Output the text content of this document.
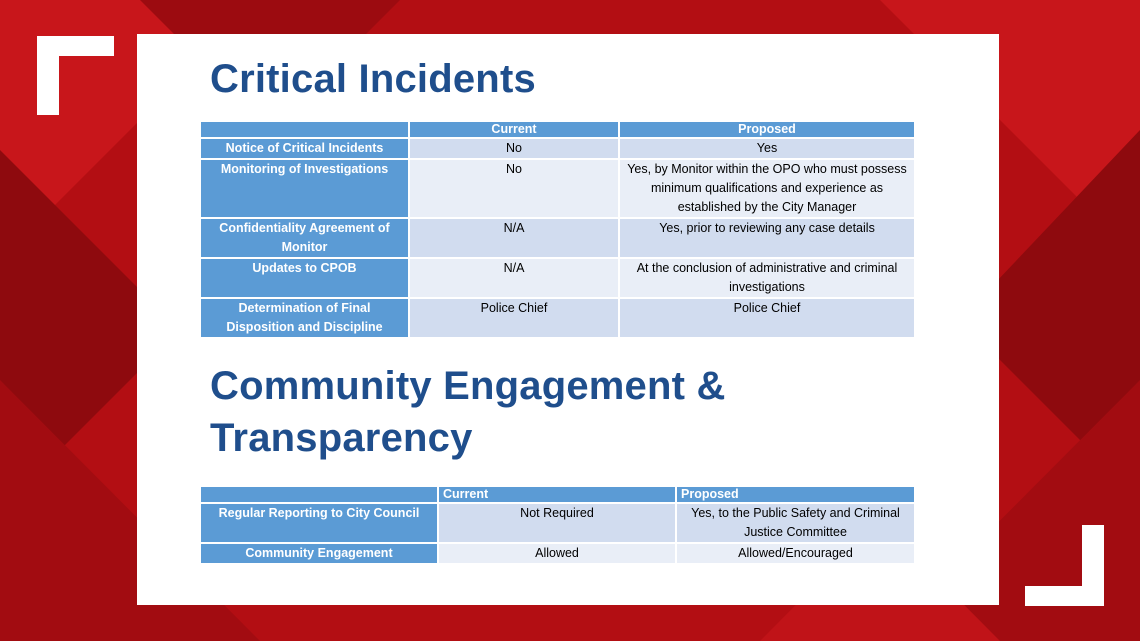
Critical Incidents
	Current	Proposed
Notice of Critical Incidents	No	Yes
Monitoring of Investigations	No	Yes, by Monitor within the OPO who must possess minimum qualifications and experience as established by the City Manager
Confidentiality Agreement of Monitor	N/A	Yes, prior to reviewing any case details
Updates to CPOB	N/A	At the conclusion of administrative and criminal investigations
Determination of Final Disposition and Discipline	Police Chief	Police Chief
Community Engagement &
Transparency
	Current	Proposed
Regular Reporting to City Council	Not Required	Yes, to the Public Safety and Criminal Justice Committee
Community Engagement	Allowed	Allowed/Encouraged
